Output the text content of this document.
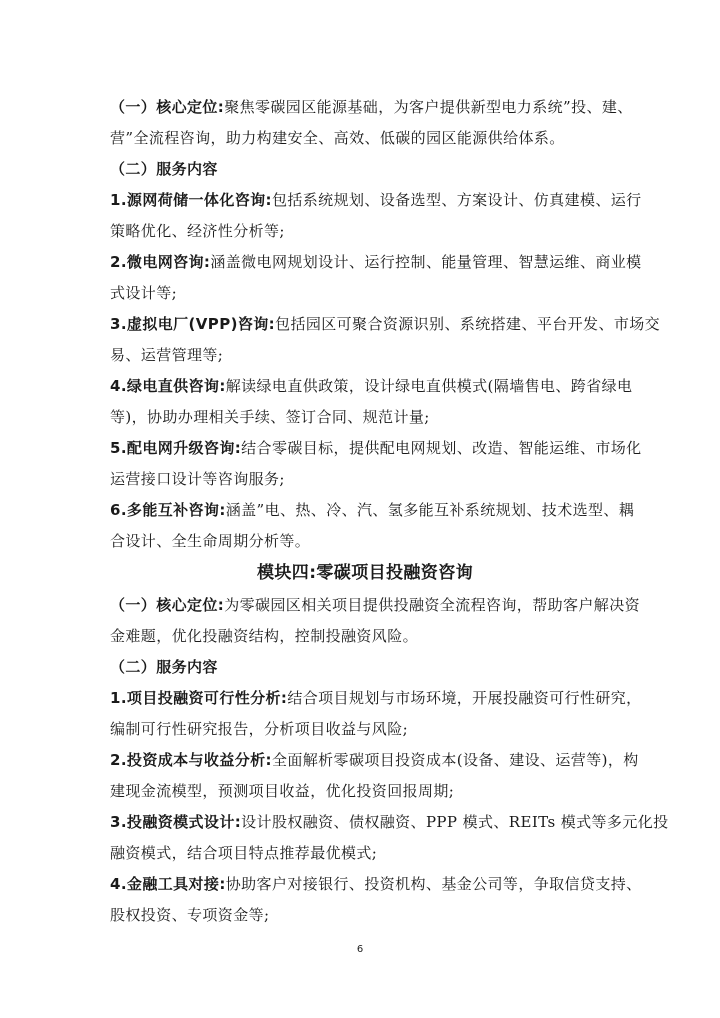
（一）核心定位:聚焦零碳园区能源基础，为客户提供新型电力系统”投、建、
营”全流程咨询，助力构建安全、高效、低碳的园区能源供给体系。
（二）服务内容
1.源网荷储一体化咨询:包括系统规划、设备选型、方案设计、仿真建模、运行
策略优化、经济性分析等;
2.微电网咨询:涵盖微电网规划设计、运行控制、能量管理、智慧运维、商业模
式设计等;
3.虚拟电厂(VPP)咨询:包括园区可聚合资源识别、系统搭建、平台开发、市场交
易、运营管理等;
4.绿电直供咨询:解读绿电直供政策，设计绿电直供模式(隔墙售电、跨省绿电
等)，协助办理相关手续、签订合同、规范计量;
5.配电网升级咨询:结合零碳目标，提供配电网规划、改造、智能运维、市场化
运营接口设计等咨询服务;
6.多能互补咨询:涵盖”电、热、冷、汽、氢多能互补系统规划、技术选型、耦
合设计、全生命周期分析等。
模块四:零碳项目投融资咨询
（一）核心定位:为零碳园区相关项目提供投融资全流程咨询，帮助客户解决资
金难题，优化投融资结构，控制投融资风险。
（二）服务内容
1.项目投融资可行性分析:结合项目规划与市场环境，开展投融资可行性研究，
编制可行性研究报告，分析项目收益与风险;
2.投资成本与收益分析:全面解析零碳项目投资成本(设备、建设、运营等)，构
建现金流模型，预测项目收益，优化投资回报周期;
3.投融资模式设计:设计股权融资、债权融资、PPP 模式、REITs 模式等多元化投
融资模式，结合项目特点推荐最优模式;
4.金融工具对接:协助客户对接银行、投资机构、基金公司等，争取信贷支持、
股权投资、专项资金等;
6
